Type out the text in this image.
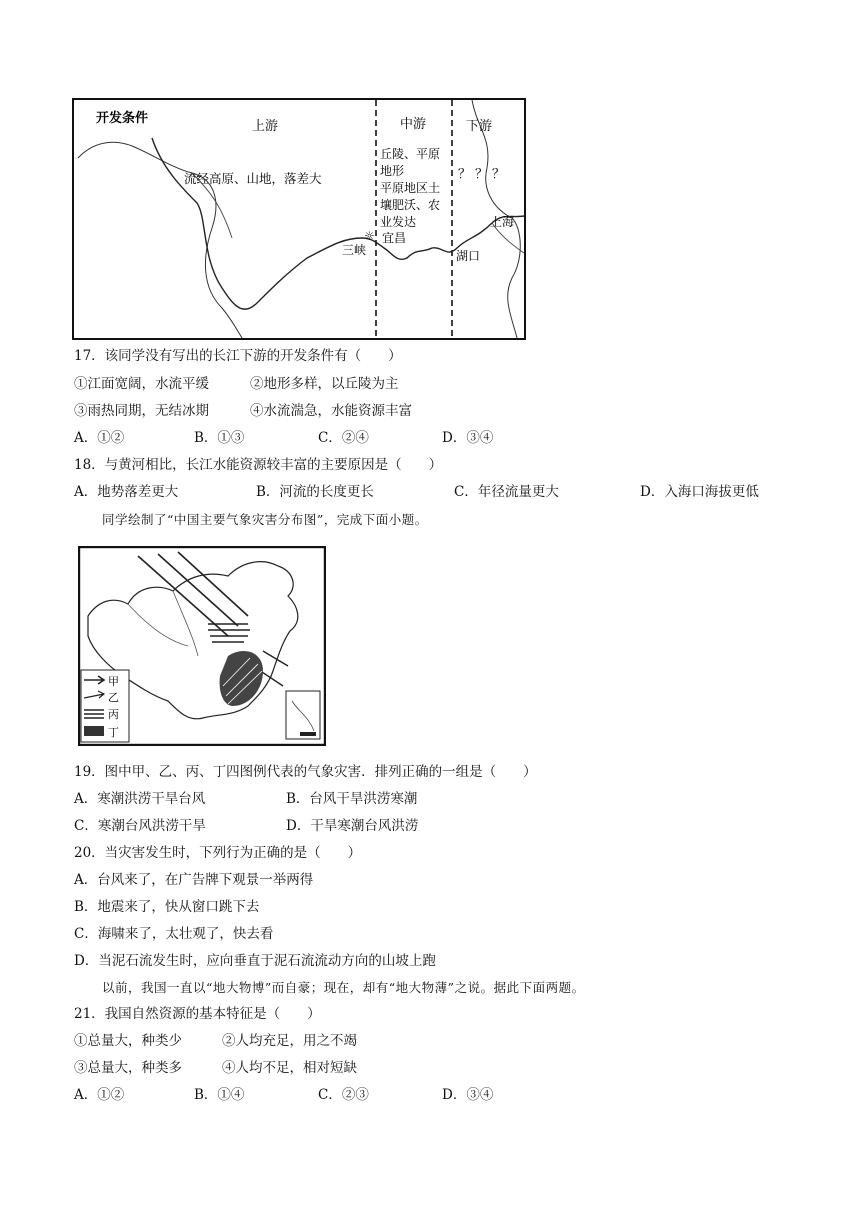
☼
开发条件
上游	中游	下游
流经高原、山地，落差大
丘陵、平原
地形
平原地区土
壤肥沃、农
业发达
？？？
三峡
宜昌
湖口
上海
17．该同学没有写出的长江下游的开发条件有（　　）
①江面宽阔，水流平缓	②地形多样，以丘陵为主
③雨热同期，无结冰期	④水流湍急，水能资源丰富
A．①②	B．①③	C．②④	D．③④
18．与黄河相比，长江水能资源较丰富的主要原因是（　　）
A．地势落差更大	B．河流的长度更长	C．年径流量更大	D．入海口海拔更低
同学绘制了“中国主要气象灾害分布图”，完成下面小题。
甲
乙
丙
丁
19．图中甲、乙、丙、丁四图例代表的气象灾害．排列正确的一组是（　　）
A．寒潮洪涝干旱台风	B．台风干旱洪涝寒潮
C．寒潮台风洪涝干旱	D．干旱寒潮台风洪涝
20．当灾害发生时，下列行为正确的是（　　）
A．台风来了，在广告牌下观景一举两得
B．地震来了，快从窗口跳下去
C．海啸来了，太壮观了，快去看
D．当泥石流发生时，应向垂直于泥石流流动方向的山坡上跑
以前，我国一直以“地大物博”而自豪；现在，却有“地大物薄”之说。据此下面两题。
21．我国自然资源的基本特征是（　　）
①总量大，种类少	②人均充足，用之不竭
③总量大，种类多	④人均不足，相对短缺
A．①②	B．①④	C．②③	D．③④
